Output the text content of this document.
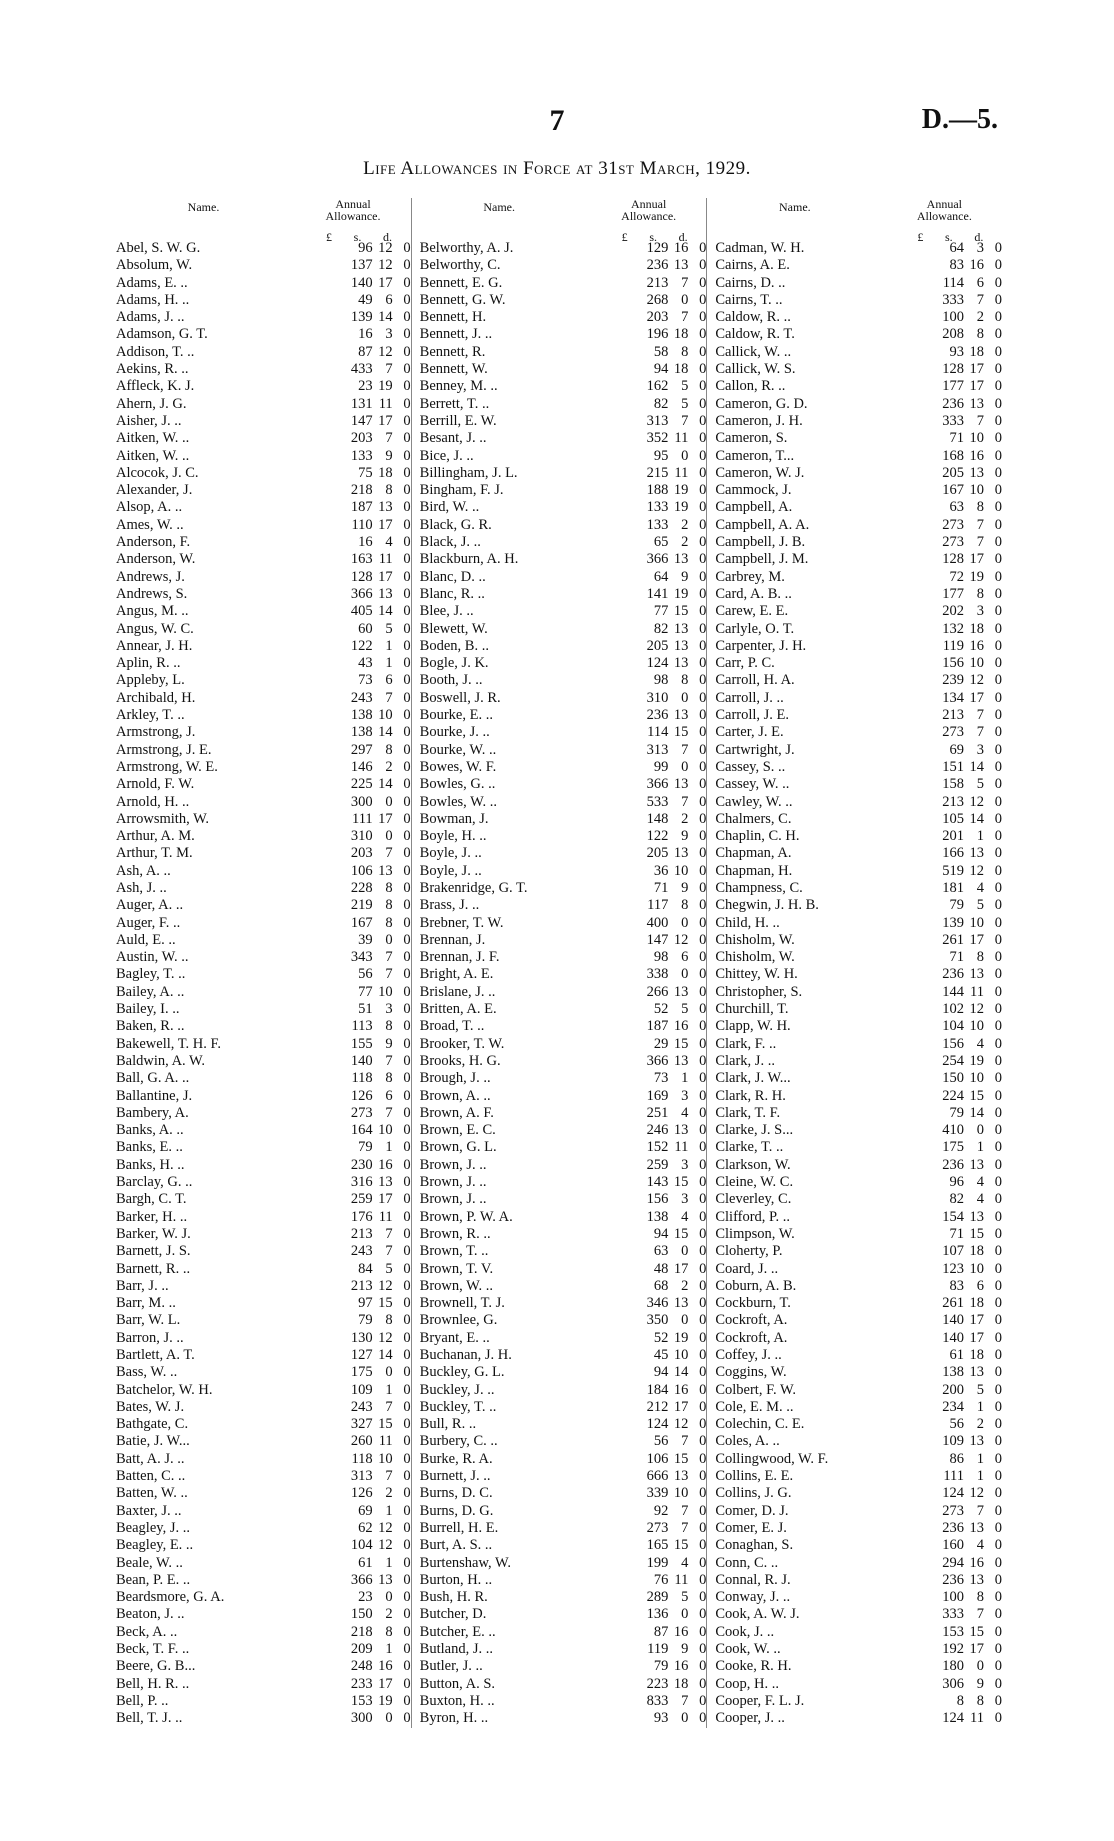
7	D.—5.
Life Allowances in Force at 31st March, 1929.
Name.	Annual
Allowance.
£ s. d.
Abel, S. W. G.	96 12 0
Absolum, W.	137 12 0
Adams, E. ..	140 17 0
Adams, H. ..	49 6 0
Adams, J. ..	139 14 0
Adamson, G. T.	16 3 0
Addison, T. ..	87 12 0
Aekins, R. ..	433 7 0
Affleck, K. J.	23 19 0
Ahern, J. G.	131 11 0
Aisher, J. ..	147 17 0
Aitken, W. ..	203 7 0
Aitken, W. ..	133 9 0
Alcocok, J. C.	75 18 0
Alexander, J.	218 8 0
Alsop, A. ..	187 13 0
Ames, W. ..	110 17 0
Anderson, F.	16 4 0
Anderson, W.	163 11 0
Andrews, J.	128 17 0
Andrews, S.	366 13 0
Angus, M. ..	405 14 0
Angus, W. C.	60 5 0
Annear, J. H.	122 1 0
Aplin, R. ..	43 1 0
Appleby, L.	73 6 0
Archibald, H.	243 7 0
Arkley, T. ..	138 10 0
Armstrong, J.	138 14 0
Armstrong, J. E.	297 8 0
Armstrong, W. E.	146 2 0
Arnold, F. W.	225 14 0
Arnold, H. ..	300 0 0
Arrowsmith, W.	111 17 0
Arthur, A. M.	310 0 0
Arthur, T. M.	203 7 0
Ash, A. ..	106 13 0
Ash, J. ..	228 8 0
Auger, A. ..	219 8 0
Auger, F. ..	167 8 0
Auld, E. ..	39 0 0
Austin, W. ..	343 7 0
Bagley, T. ..	56 7 0
Bailey, A. ..	77 10 0
Bailey, I. ..	51 3 0
Baken, R. ..	113 8 0
Bakewell, T. H. F.	155 9 0
Baldwin, A. W.	140 7 0
Ball, G. A. ..	118 8 0
Ballantine, J.	126 6 0
Bambery, A.	273 7 0
Banks, A. ..	164 10 0
Banks, E. ..	79 1 0
Banks, H. ..	230 16 0
Barclay, G. ..	316 13 0
Bargh, C. T.	259 17 0
Barker, H. ..	176 11 0
Barker, W. J.	213 7 0
Barnett, J. S.	243 7 0
Barnett, R. ..	84 5 0
Barr, J. ..	213 12 0
Barr, M. ..	97 15 0
Barr, W. L.	79 8 0
Barron, J. ..	130 12 0
Bartlett, A. T.	127 14 0
Bass, W. ..	175 0 0
Batchelor, W. H.	109 1 0
Bates, W. J.	243 7 0
Bathgate, C.	327 15 0
Batie, J. W...	260 11 0
Batt, A. J. ..	118 10 0
Batten, C. ..	313 7 0
Batten, W. ..	126 2 0
Baxter, J. ..	69 1 0
Beagley, J. ..	62 12 0
Beagley, E. ..	104 12 0
Beale, W. ..	61 1 0
Bean, P. E. ..	366 13 0
Beardsmore, G. A.	23 0 0
Beaton, J. ..	150 2 0
Beck, A. ..	218 8 0
Beck, T. F. ..	209 1 0
Beere, G. B...	248 16 0
Bell, H. R. ..	233 17 0
Bell, P. ..	153 19 0
Bell, T. J. ..	300 0 0
Name.	Annual
Allowance.
£ s. d.
Belworthy, A. J.	129 16 0
Belworthy, C.	236 13 0
Bennett, E. G.	213 7 0
Bennett, G. W.	268 0 0
Bennett, H.	203 7 0
Bennett, J. ..	196 18 0
Bennett, R.	58 8 0
Bennett, W.	94 18 0
Benney, M. ..	162 5 0
Berrett, T. ..	82 5 0
Berrill, E. W.	313 7 0
Besant, J. ..	352 11 0
Bice, J. ..	95 0 0
Billingham, J. L.	215 11 0
Bingham, F. J.	188 19 0
Bird, W. ..	133 19 0
Black, G. R.	133 2 0
Black, J. ..	65 2 0
Blackburn, A. H.	366 13 0
Blanc, D. ..	64 9 0
Blanc, R. ..	141 19 0
Blee, J. ..	77 15 0
Blewett, W.	82 13 0
Boden, B. ..	205 13 0
Bogle, J. K.	124 13 0
Booth, J. ..	98 8 0
Boswell, J. R.	310 0 0
Bourke, E. ..	236 13 0
Bourke, J. ..	114 15 0
Bourke, W. ..	313 7 0
Bowes, W. F.	99 0 0
Bowles, G. ..	366 13 0
Bowles, W. ..	533 7 0
Bowman, J.	148 2 0
Boyle, H. ..	122 9 0
Boyle, J. ..	205 13 0
Boyle, J. ..	36 10 0
Brakenridge, G. T.	71 9 0
Brass, J. ..	117 8 0
Brebner, T. W.	400 0 0
Brennan, J.	147 12 0
Brennan, J. F.	98 6 0
Bright, A. E.	338 0 0
Brislane, J. ..	266 13 0
Britten, A. E.	52 5 0
Broad, T. ..	187 16 0
Brooker, T. W.	29 15 0
Brooks, H. G.	366 13 0
Brough, J. ..	73 1 0
Brown, A. ..	169 3 0
Brown, A. F.	251 4 0
Brown, E. C.	246 13 0
Brown, G. L.	152 11 0
Brown, J. ..	259 3 0
Brown, J. ..	143 15 0
Brown, J. ..	156 3 0
Brown, P. W. A.	138 4 0
Brown, R. ..	94 15 0
Brown, T. ..	63 0 0
Brown, T. V.	48 17 0
Brown, W. ..	68 2 0
Brownell, T. J.	346 13 0
Brownlee, G.	350 0 0
Bryant, E. ..	52 19 0
Buchanan, J. H.	45 10 0
Buckley, G. L.	94 14 0
Buckley, J. ..	184 16 0
Buckley, T. ..	212 17 0
Bull, R. ..	124 12 0
Burbery, C. ..	56 7 0
Burke, R. A.	106 15 0
Burnett, J. ..	666 13 0
Burns, D. C.	339 10 0
Burns, D. G.	92 7 0
Burrell, H. E.	273 7 0
Burt, A. S. ..	165 15 0
Burtenshaw, W.	199 4 0
Burton, H. ..	76 11 0
Bush, H. R.	289 5 0
Butcher, D.	136 0 0
Butcher, E. ..	87 16 0
Butland, J. ..	119 9 0
Butler, J. ..	79 16 0
Button, A. S.	223 18 0
Buxton, H. ..	833 7 0
Byron, H. ..	93 0 0
Name.	Annual
Allowance.
£ s. d.
Cadman, W. H.	64 3 0
Cairns, A. E.	83 16 0
Cairns, D. ..	114 6 0
Cairns, T. ..	333 7 0
Caldow, R. ..	100 2 0
Caldow, R. T.	208 8 0
Callick, W. ..	93 18 0
Callick, W. S.	128 17 0
Callon, R. ..	177 17 0
Cameron, G. D.	236 13 0
Cameron, J. H.	333 7 0
Cameron, S.	71 10 0
Cameron, T...	168 16 0
Cameron, W. J.	205 13 0
Cammock, J.	167 10 0
Campbell, A.	63 8 0
Campbell, A. A.	273 7 0
Campbell, J. B.	273 7 0
Campbell, J. M.	128 17 0
Carbrey, M.	72 19 0
Card, A. B. ..	177 8 0
Carew, E. E.	202 3 0
Carlyle, O. T.	132 18 0
Carpenter, J. H.	119 16 0
Carr, P. C.	156 10 0
Carroll, H. A.	239 12 0
Carroll, J. ..	134 17 0
Carroll, J. E.	213 7 0
Carter, J. E.	273 7 0
Cartwright, J.	69 3 0
Cassey, S. ..	151 14 0
Cassey, W. ..	158 5 0
Cawley, W. ..	213 12 0
Chalmers, C.	105 14 0
Chaplin, C. H.	201 1 0
Chapman, A.	166 13 0
Chapman, H.	519 12 0
Champness, C.	181 4 0
Chegwin, J. H. B.	79 5 0
Child, H. ..	139 10 0
Chisholm, W.	261 17 0
Chisholm, W.	71 8 0
Chittey, W. H.	236 13 0
Christopher, S.	144 11 0
Churchill, T.	102 12 0
Clapp, W. H.	104 10 0
Clark, F. ..	156 4 0
Clark, J. ..	254 19 0
Clark, J. W...	150 10 0
Clark, R. H.	224 15 0
Clark, T. F.	79 14 0
Clarke, J. S...	410 0 0
Clarke, T. ..	175 1 0
Clarkson, W.	236 13 0
Cleine, W. C.	96 4 0
Cleverley, C.	82 4 0
Clifford, P. ..	154 13 0
Climpson, W.	71 15 0
Cloherty, P.	107 18 0
Coard, J. ..	123 10 0
Coburn, A. B.	83 6 0
Cockburn, T.	261 18 0
Cockroft, A.	140 17 0
Cockroft, A.	140 17 0
Coffey, J. ..	61 18 0
Coggins, W.	138 13 0
Colbert, F. W.	200 5 0
Cole, E. M. ..	234 1 0
Colechin, C. E.	56 2 0
Coles, A. ..	109 13 0
Collingwood, W. F.	86 1 0
Collins, E. E.	111 1 0
Collins, J. G.	124 12 0
Comer, D. J.	273 7 0
Comer, E. J.	236 13 0
Conaghan, S.	160 4 0
Conn, C. ..	294 16 0
Connal, R. J.	236 13 0
Conway, J. ..	100 8 0
Cook, A. W. J.	333 7 0
Cook, J. ..	153 15 0
Cook, W. ..	192 17 0
Cooke, R. H.	180 0 0
Coop, H. ..	306 9 0
Cooper, F. L. J.	8 8 0
Cooper, J. ..	124 11 0
